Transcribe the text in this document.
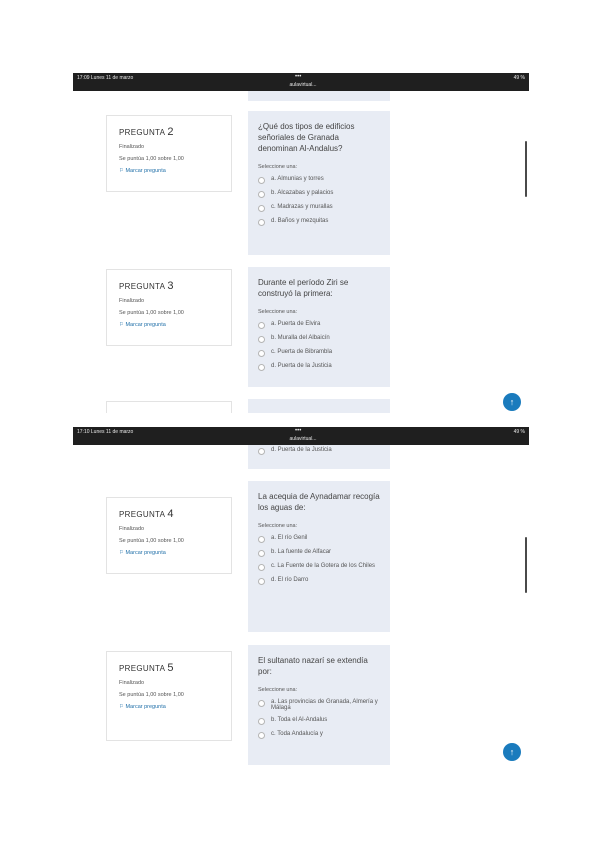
17:09 Lunes 11 de marzo	•••
aulavirtual...
49 %
PREGUNTA 2
Finalizado
Se puntúa 1,00 sobre 1,00
⚐ Marcar pregunta
¿Qué dos tipos de edificios señoriales de Granada denominan Al-Andalus?
Seleccione una:
a. Almunias y torres
b. Alcazabas y palacios
c. Madrazas y murallas
d. Baños y mezquitas
PREGUNTA 3
Finalizado
Se puntúa 1,00 sobre 1,00
⚐ Marcar pregunta
Durante el período Ziri se construyó la primera:
Seleccione una:
a. Puerta de Elvira
b. Muralla del Albaicín
c. Puerta de Bibrambla
d. Puerta de la Justicia
↑
17:10 Lunes 11 de marzo	•••
aulavirtual...
49 %
d. Puerta de la Justicia
PREGUNTA 4
Finalizado
Se puntúa 1,00 sobre 1,00
⚐ Marcar pregunta
La acequia de Aynadamar recogía los aguas de:
Seleccione una:
a. El río Genil
b. La fuente de Alfacar
c. La Fuente de la Gotera de los Chiles
d. El río Darro
PREGUNTA 5
Finalizado
Se puntúa 1,00 sobre 1,00
⚐ Marcar pregunta
El sultanato nazarí se extendía por:
Seleccione una:
a. Las provincias de Granada, Almería y Málaga
b. Toda el Al-Andalus
c. Toda Andalucía y
↑
